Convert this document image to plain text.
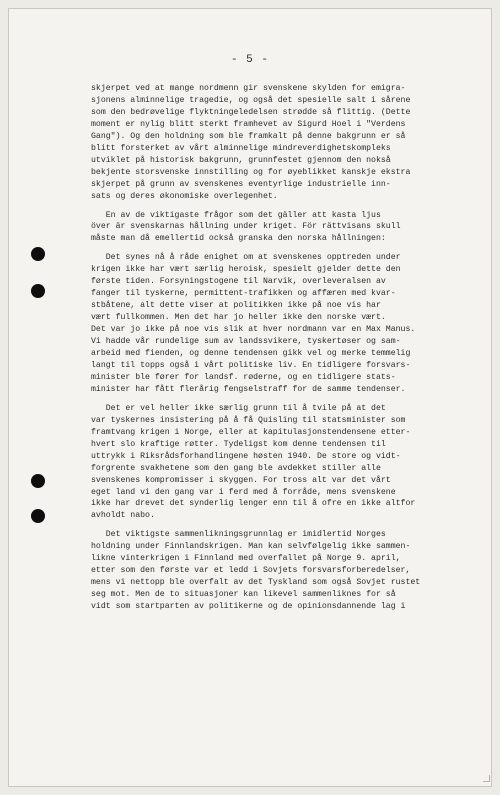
- 5 -
skjerpet ved at mange nordmenn gir svenskene skylden for emigra-
sjonens alminnelige tragedie, og også det spesielle salt i sårene
som den bedrøvelige flyktningeledelsen strødde så flittig. (Dette
moment er nylig blitt sterkt framhevet av Sigurd Hoel i "Verdens
Gang"). Og den holdning som ble framkalt på denne bakgrunn er så
blitt forsterket av vårt alminnelige mindreverdighetskompleks
utviklet på historisk bakgrunn, grunnfestet gjennom den nokså
bekjente storsvenske innstilling og for øyeblikket kanskje ekstra
skjerpet på grunn av svenskenes eventyrlige industrielle inn-
sats og deres økonomiske overlegenhet.
En av de viktigaste frågor som det gäller att kasta ljus
över är svenskarnas hållning under kriget. För rättvisans skull
måste man då emellertid också granska den norska hållningen:
Det synes nå å råde enighet om at svenskenes opptreden under
krigen ikke har vært særlig heroisk, spesielt gjelder dette den
første tiden. Forsyningstogene til Narvik, overleveralsen av
fanger til tyskerne, permittent-trafikken og affæren med kvar-
stbåtene, alt dette viser at politikken ikke på noe vis har
vært fullkommen. Men det har jo heller ikke den norske vært.
Det var jo ikke på noe vis slik at hver nordmann var en Max Manus.
Vi hadde vår rundelige sum av landssvikere, tyskertøser og sam-
arbeid med fienden, og denne tendensen gikk vel og merke temmelig
langt til topps også i vårt politiske liv. En tidligere forsvars-
minister ble fører for landsf. røderne, og en tidligere stats-
minister har fått flerårig fengselstraff for de samme tendenser.
Det er vel heller ikke særlig grunn til å tvile på at det
var tyskernes insistering på å få Quisling til statsminister som
framtvang krigen i Norge, eller at kapitulasjonstendensene etter-
hvert slo kraftige røtter. Tydeligst kom denne tendensen til
uttrykk i Riksrådsforhandlingene høsten 1940. De store og vidt-
forgrente svakhetene som den gang ble avdekket stiller alle
svenskenes kompromisser i skyggen. For tross alt var det vårt
eget land vi den gang var i ferd med å forråde, mens svenskene
ikke har drevet det synderlig lenger enn til å ofre en ikke altfor
avholdt nabo.
Det viktigste sammenlikningsgrunnlag er imidlertid Norges
holdning under Finnlandskrigen. Man kan selvfølgelig ikke sammen-
likne vinterkrigen i Finnland med overfallet på Norge 9. april,
etter som den første var et ledd i Sovjets forsvarsforberedelser,
mens vi nettopp ble overfalt av det Tyskland som også Sovjet rustet
seg mot. Men de to situasjoner kan likevel sammenliknes for så
vidt som startparten av politikerne og de opinionsdannende lag i
